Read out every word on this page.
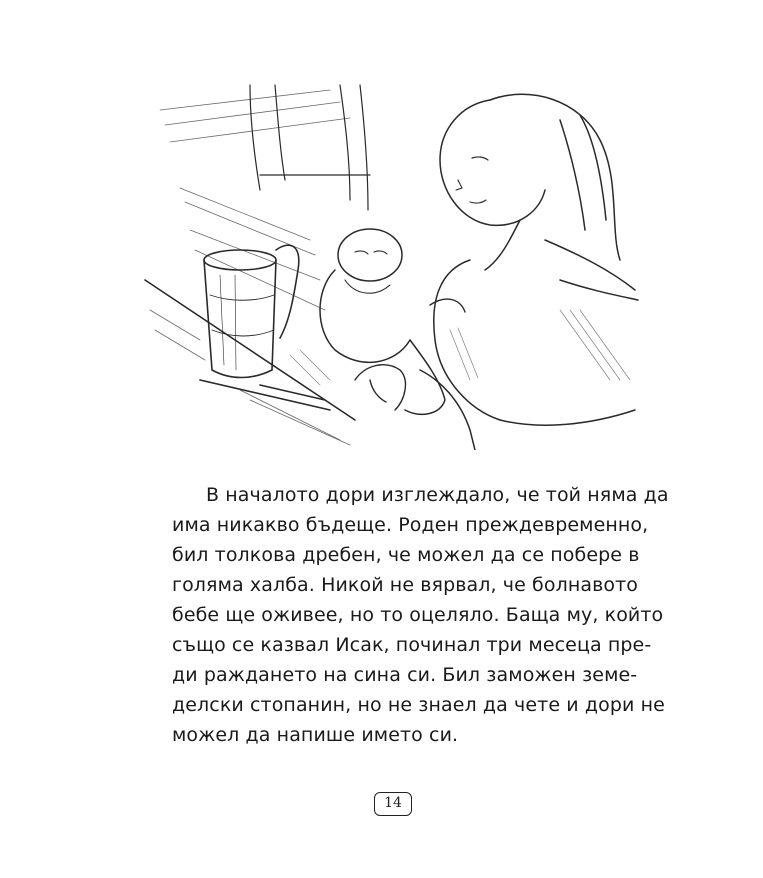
В началото дори изглеждало, че той няма да
има никакво бъдеще. Роден преждевременно,
бил толкова дребен, че можел да се побере в
голяма халба. Никой не вярвал, че болнавото
бебе ще оживее, но то оцеляло. Баща му, който
също се казвал Исак, починал три месеца пре-
ди раждането на сина си. Бил заможен земе-
делски стопанин, но не знаел да чете и дори не
можел да напише името си.
14
